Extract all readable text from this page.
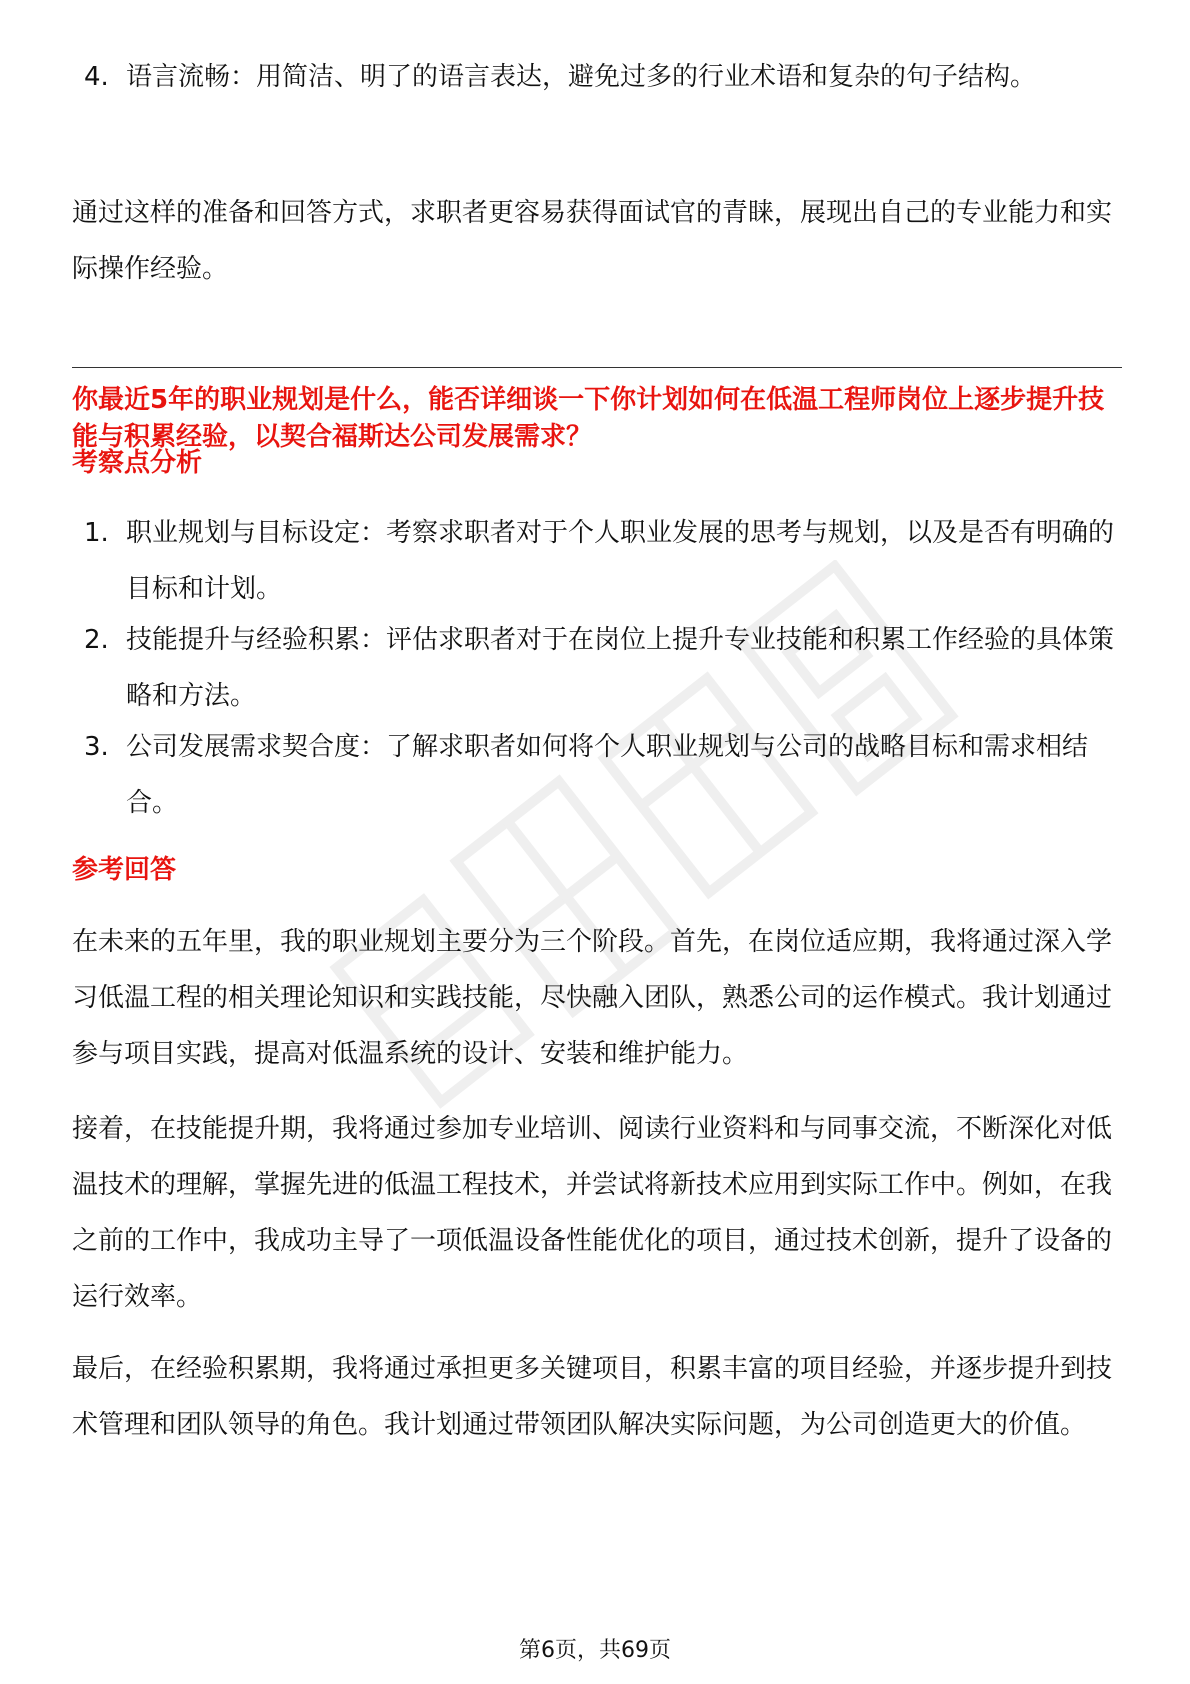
4. 语言流畅：用简洁、明了的语言表达，避免过多的行业术语和复杂的句子结构。

通过这样的准备和回答方式，求职者更容易获得面试官的青睐，展现出自己的专业能力和实际操作经验。

你最近5年的职业规划是什么，能否详细谈一下你计划如何在低温工程师岗位上逐步提升技能与积累经验，以契合福斯达公司发展需求？
考察点分析
1. 职业规划与目标设定：考察求职者对于个人职业发展的思考与规划，以及是否有明确的目标和计划。
2. 技能提升与经验积累：评估求职者对于在岗位上提升专业技能和积累工作经验的具体策略和方法。
3. 公司发展需求契合度：了解求职者如何将个人职业规划与公司的战略目标和需求相结合。
参考回答

在未来的五年里，我的职业规划主要分为三个阶段。首先，在岗位适应期，我将通过深入学习低温工程的相关理论知识和实践技能，尽快融入团队，熟悉公司的运作模式。我计划通过参与项目实践，提高对低温系统的设计、安装和维护能力。

接着，在技能提升期，我将通过参加专业培训、阅读行业资料和与同事交流，不断深化对低温技术的理解，掌握先进的低温工程技术，并尝试将新技术应用到实际工作中。例如，在我之前的工作中，我成功主导了一项低温设备性能优化的项目，通过技术创新，提升了设备的运行效率。

最后，在经验积累期，我将通过承担更多关键项目，积累丰富的项目经验，并逐步提升到技术管理和团队领导的角色。我计划通过带领团队解决实际问题，为公司创造更大的价值。

第6页，共69页
